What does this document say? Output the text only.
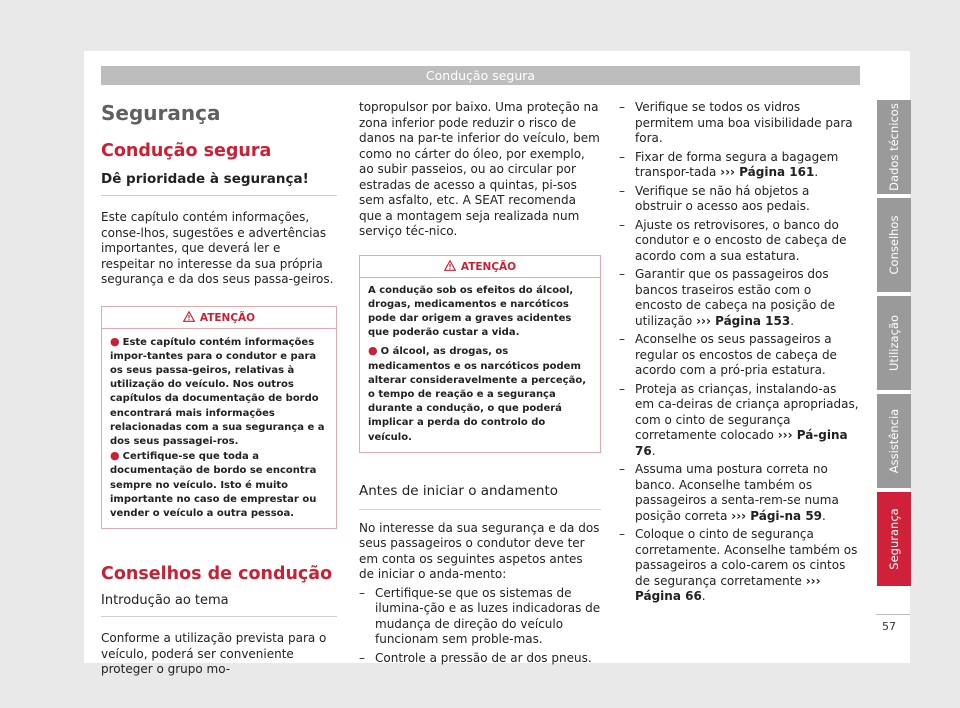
Condução segura
Segurança
Condução segura
Dê prioridade à segurança!

Este capítulo contém informações, conse-lhos, sugestões e advertências importantes, que deverá ler e respeitar no interesse da sua própria segurança e da dos seus passa-geiros.

ATENÇÃO
● Este capítulo contém informações impor-tantes para o condutor e para os seus passa-geiros, relativas à utilização do veículo. Nos outros capítulos da documentação de bordo encontrará mais informações relacionadas com a sua segurança e a dos seus passagei-ros.
● Certifique-se que toda a documentação de bordo se encontra sempre no veículo. Isto é muito importante no caso de emprestar ou vender o veículo a outra pessoa.
Conselhos de condução
Introdução ao tema

Conforme a utilização prevista para o veículo, poderá ser conveniente proteger o grupo mo-

topropulsor por baixo. Uma proteção na zona inferior pode reduzir o risco de danos na par-te inferior do veículo, bem como no cárter do óleo, por exemplo, ao subir passeios, ou ao circular por estradas de acesso a quintas, pi-sos sem asfalto, etc. A SEAT recomenda que a montagem seja realizada num serviço téc-nico.

ATENÇÃO
A condução sob os efeitos do álcool, drogas, medicamentos e narcóticos pode dar origem a graves acidentes que poderão custar a vida.
● O álcool, as drogas, os medicamentos e os narcóticos podem alterar consideravelmente a perceção, o tempo de reação e a segurança durante a condução, o que poderá implicar a perda do controlo do veículo.
Antes de iniciar o andamento

No interesse da sua segurança e da dos seus passageiros o condutor deve ter em conta os seguintes aspetos antes de iniciar o anda-mento:

– Certifique-se que os sistemas de ilumina-ção e as luzes indicadoras de mudança de direção do veículo funcionam sem proble-mas.
– Controle a pressão de ar dos pneus.
– Verifique se todos os vidros permitem uma boa visibilidade para fora.
– Fixar de forma segura a bagagem transpor-tada ››› Página 161.
– Verifique se não há objetos a obstruir o acesso aos pedais.
– Ajuste os retrovisores, o banco do condutor e o encosto de cabeça de acordo com a sua estatura.
– Garantir que os passageiros dos bancos traseiros estão com o encosto de cabeça na posição de utilização ››› Página 153.
– Aconselhe os seus passageiros a regular os encostos de cabeça de acordo com a pró-pria estatura.
– Proteja as crianças, instalando-as em ca-deiras de criança apropriadas, com o cinto de segurança corretamente colocado ››› Pá-gina 76.
– Assuma uma postura correta no banco. Aconselhe também os passageiros a senta-rem-se numa posição correta ››› Pági-na 59.
– Coloque o cinto de segurança corretamente. Aconselhe também os passageiros a colo-carem os cintos de segurança corretamente ››› Página 66.
Dados técnicos
Conselhos
Utilização
Assistência
Segurança
57
